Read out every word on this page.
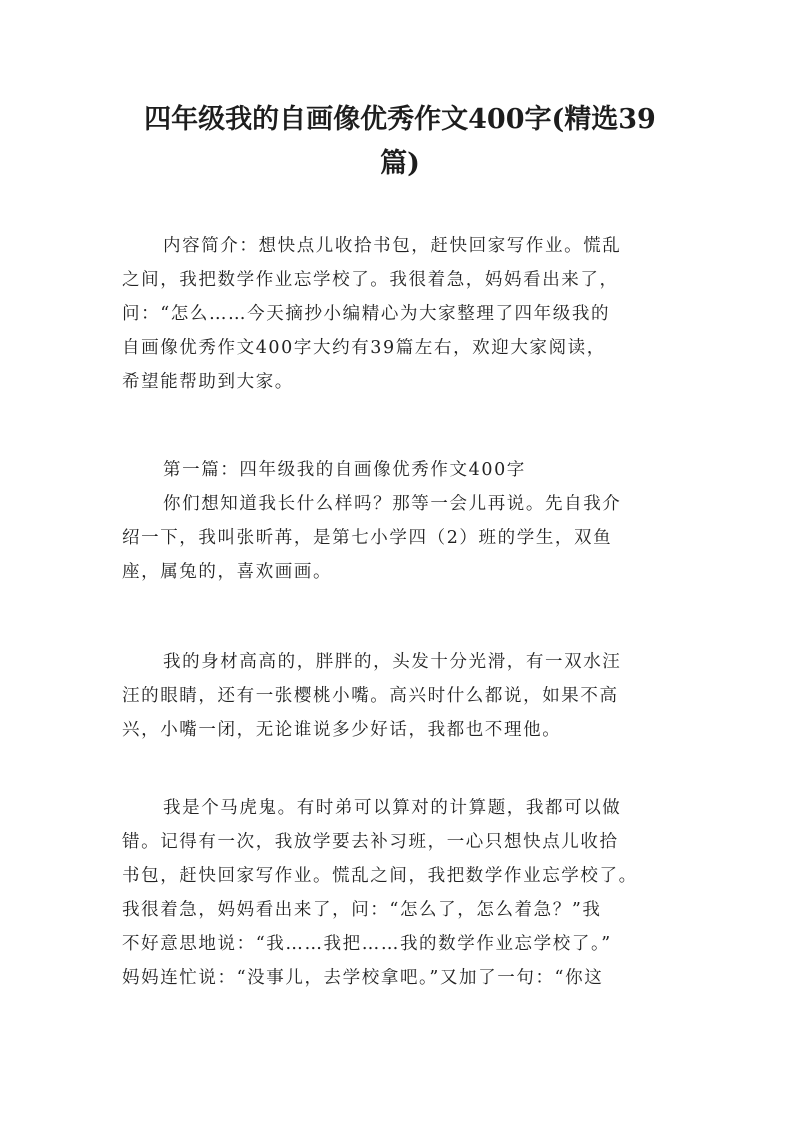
四年级我的自画像优秀作文400字(精选39
篇)
内容简介：想快点儿收拾书包，赶快回家写作业。慌乱
之间，我把数学作业忘学校了。我很着急，妈妈看出来了，
问：“怎么……今天摘抄小编精心为大家整理了四年级我的
自画像优秀作文400字大约有39篇左右，欢迎大家阅读，
希望能帮助到大家。
第一篇：四年级我的自画像优秀作文400字
你们想知道我长什么样吗？那等一会儿再说。先自我介
绍一下，我叫张昕苒，是第七小学四（2）班的学生，双鱼
座，属兔的，喜欢画画。
我的身材高高的，胖胖的，头发十分光滑，有一双水汪
汪的眼睛，还有一张樱桃小嘴。高兴时什么都说，如果不高
兴，小嘴一闭，无论谁说多少好话，我都也不理他。
我是个马虎鬼。有时弟可以算对的计算题，我都可以做
错。记得有一次，我放学要去补习班，一心只想快点儿收拾
书包，赶快回家写作业。慌乱之间，我把数学作业忘学校了。
我很着急，妈妈看出来了，问：“怎么了，怎么着急？”我
不好意思地说：“我……我把……我的数学作业忘学校了。”
妈妈连忙说：“没事儿，去学校拿吧。”又加了一句：“你这
